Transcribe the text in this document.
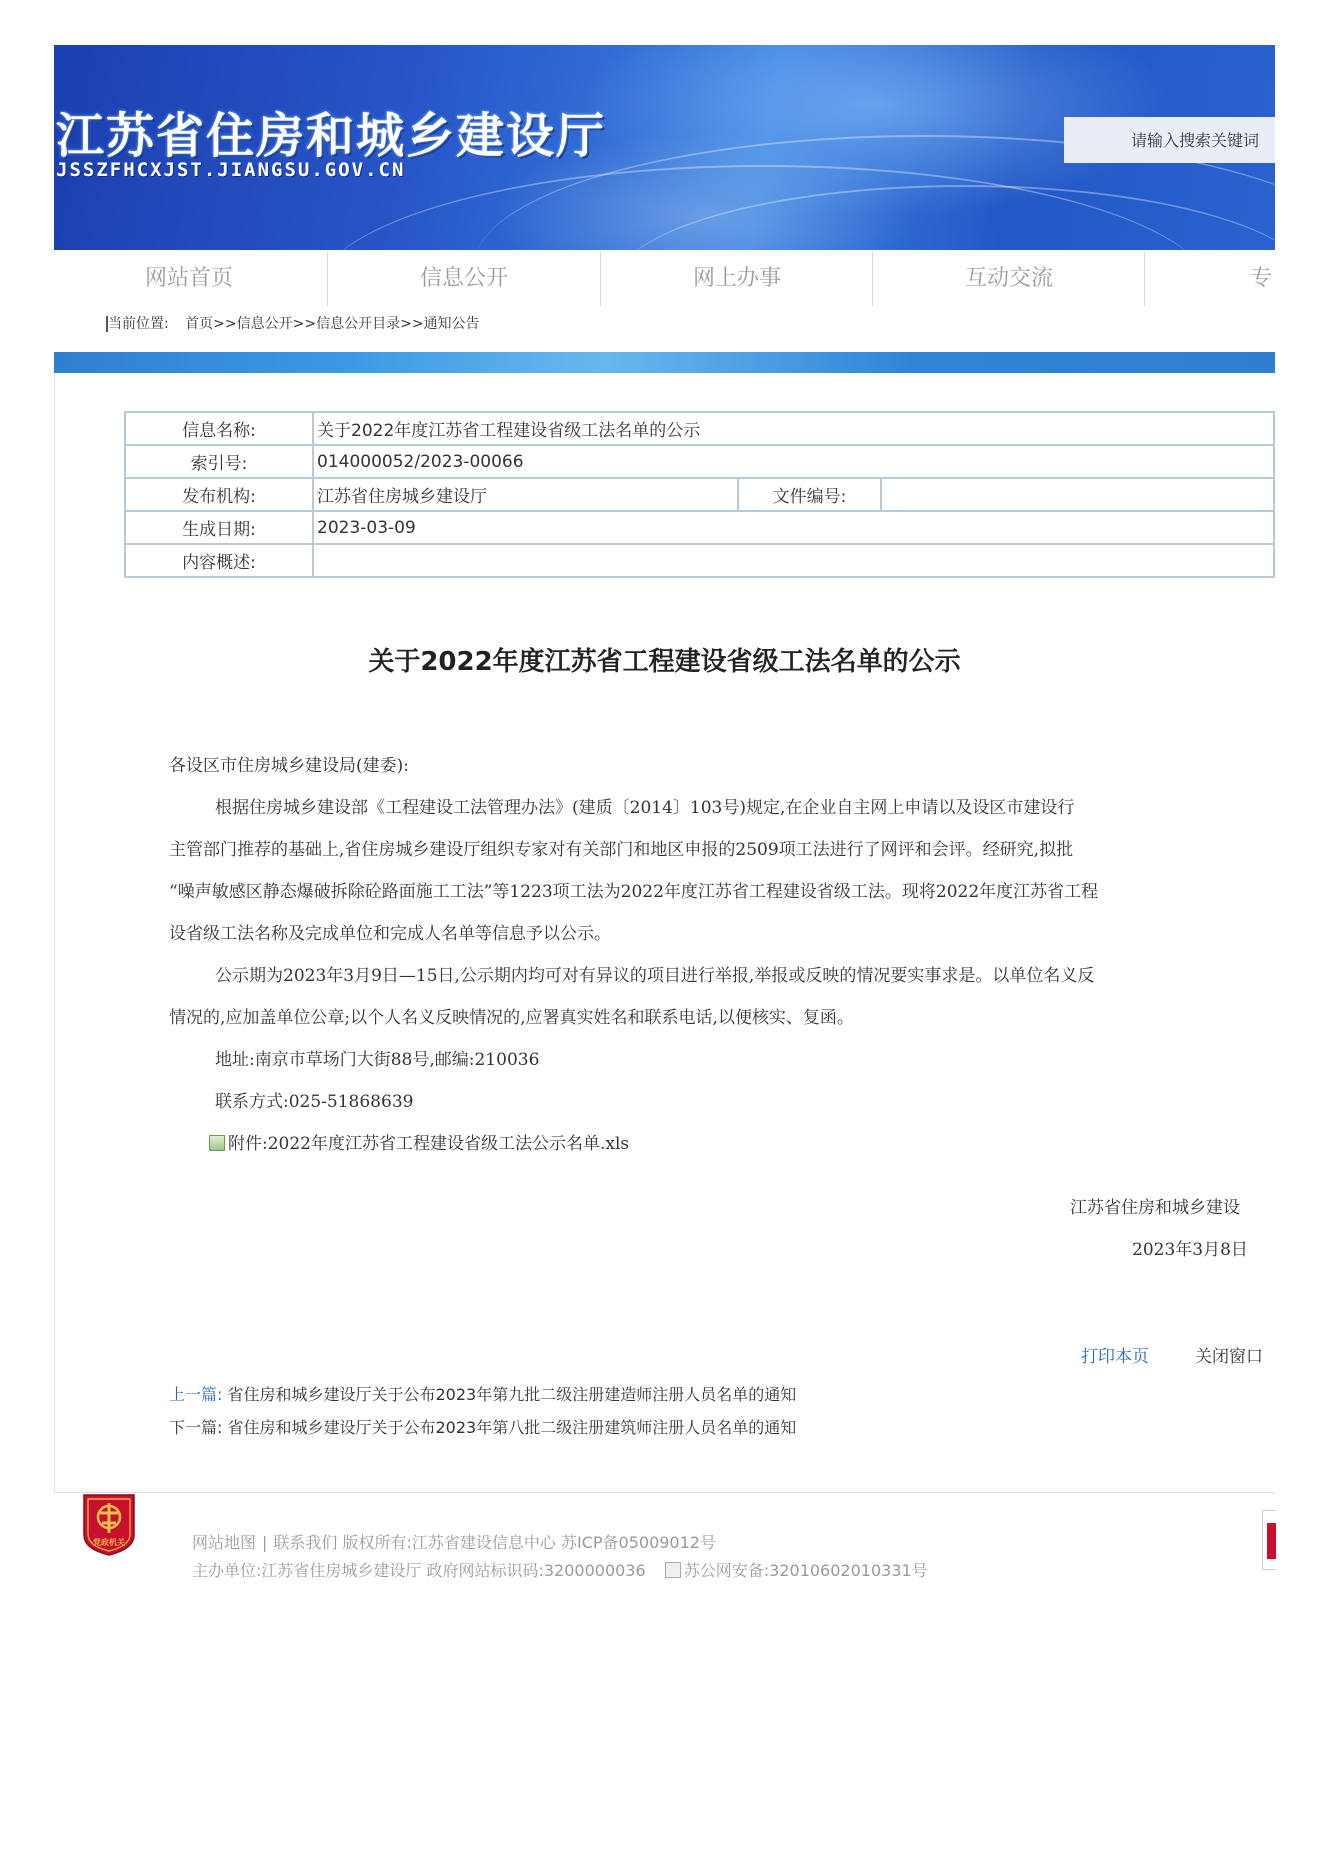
江苏省住房和城乡建设厅
JSSZFHCXJST.JIANGSU.GOV.CN
请输入搜索关键词
网站首页	信息公开	网上办事	互动交流	专
当前位置: 首页>>信息公开>>信息公开目录>>通知公告
信息名称:	关于2022年度江苏省工程建设省级工法名单的公示		
索引号:	014000052/2023-00066		
发布机构:	江苏省住房城乡建设厅	文件编号:	
生成日期:	2023-03-09		
内容概述:			
关于2022年度江苏省工程建设省级工法名单的公示

各设区市住房城乡建设局(建委):

根据住房城乡建设部《工程建设工法管理办法》(建质〔2014〕103号)规定,在企业自主网上申请以及设区市建设行

主管部门推荐的基础上,省住房城乡建设厅组织专家对有关部门和地区申报的2509项工法进行了网评和会评。经研究,拟批

“噪声敏感区静态爆破拆除砼路面施工工法”等1223项工法为2022年度江苏省工程建设省级工法。现将2022年度江苏省工程

设省级工法名称及完成单位和完成人名单等信息予以公示。

公示期为2023年3月9日—15日,公示期内均可对有异议的项目进行举报,举报或反映的情况要实事求是。以单位名义反

情况的,应加盖单位公章;以个人名义反映情况的,应署真实姓名和联系电话,以便核实、复函。

地址:南京市草场门大街88号,邮编:210036

联系方式:025-51868639

附件:2022年度江苏省工程建设省级工法公示名单.xls

江苏省住房和城乡建设
2023年3月8日
打印本页	关闭窗口
上一篇: 省住房和城乡建设厅关于公布2023年第九批二级注册建造师注册人员名单的通知
下一篇: 省住房和城乡建设厅关于公布2023年第八批二级注册建筑师注册人员名单的通知
党政机关	网站地图 | 联系我们 版权所有:江苏省建设信息中心 苏ICP备05009012号
主办单位:江苏省住房城乡建设厅 政府网站标识码:3200000036 苏公网安备:32010602010331号
